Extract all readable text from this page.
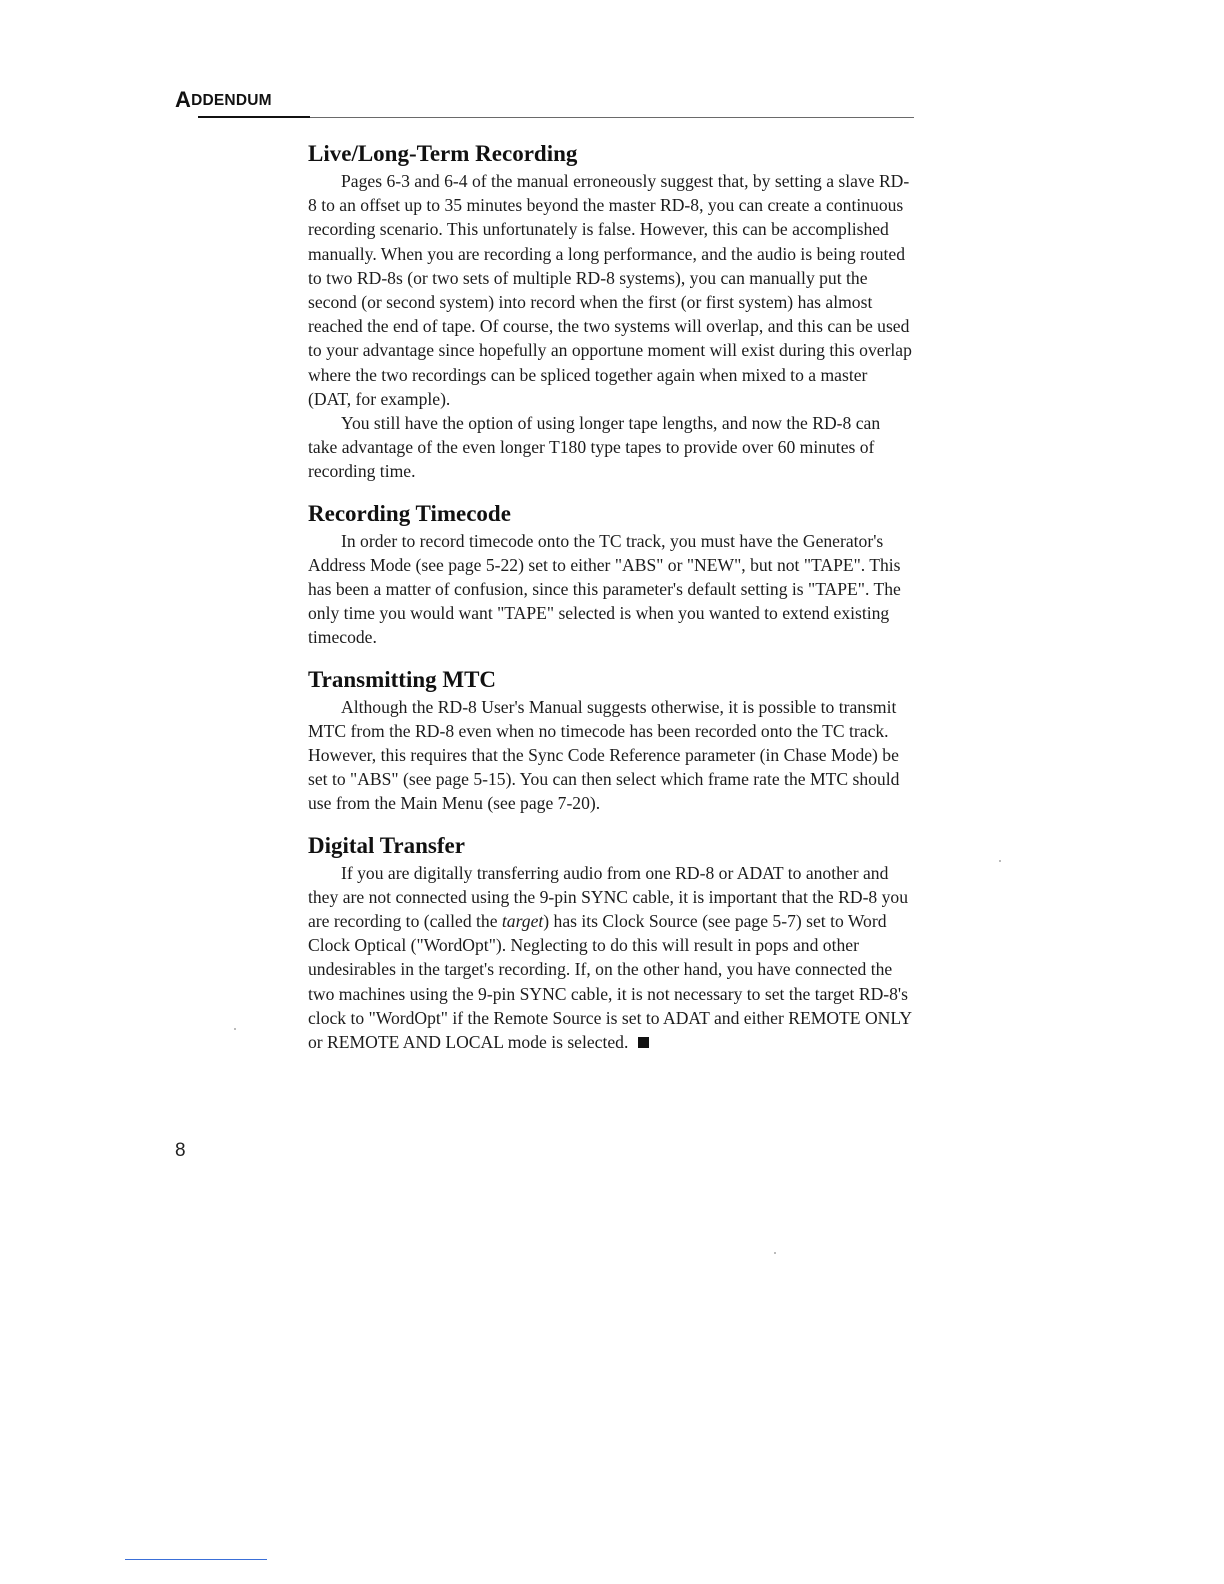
ADDENDUM
Live/Long-Term Recording

Pages 6-3 and 6-4 of the manual erroneously suggest that, by setting a slave RD-8 to an offset up to 35 minutes beyond the master RD-8, you can create a continuous recording scenario. This unfortunately is false. However, this can be accomplished manually. When you are recording a long performance, and the audio is being routed to two RD-8s (or two sets of multiple RD-8 systems), you can manually put the second (or second system) into record when the first (or first system) has almost reached the end of tape. Of course, the two systems will overlap, and this can be used to your advantage since hopefully an opportune moment will exist during this overlap where the two recordings can be spliced together again when mixed to a master (DAT, for example).

You still have the option of using longer tape lengths, and now the RD-8 can take advantage of the even longer T180 type tapes to provide over 60 minutes of recording time.

Recording Timecode

In order to record timecode onto the TC track, you must have the Generator's Address Mode (see page 5-22) set to either "ABS" or "NEW", but not "TAPE". This has been a matter of confusion, since this parameter's default setting is "TAPE". The only time you would want "TAPE" selected is when you wanted to extend existing timecode.

Transmitting MTC

Although the RD-8 User's Manual suggests otherwise, it is possible to transmit MTC from the RD-8 even when no timecode has been recorded onto the TC track. However, this requires that the Sync Code Reference parameter (in Chase Mode) be set to "ABS" (see page 5-15). You can then select which frame rate the MTC should use from the Main Menu (see page 7-20).

Digital Transfer

If you are digitally transferring audio from one RD-8 or ADAT to another and they are not connected using the 9-pin SYNC cable, it is important that the RD-8 you are recording to (called the target) has its Clock Source (see page 5-7) set to Word Clock Optical ("WordOpt"). Neglecting to do this will result in pops and other undesirables in the target's recording. If, on the other hand, you have connected the two machines using the 9-pin SYNC cable, it is not necessary to set the target RD-8's clock to "WordOpt" if the Remote Source is set to ADAT and either REMOTE ONLY or REMOTE AND LOCAL mode is selected.

8
